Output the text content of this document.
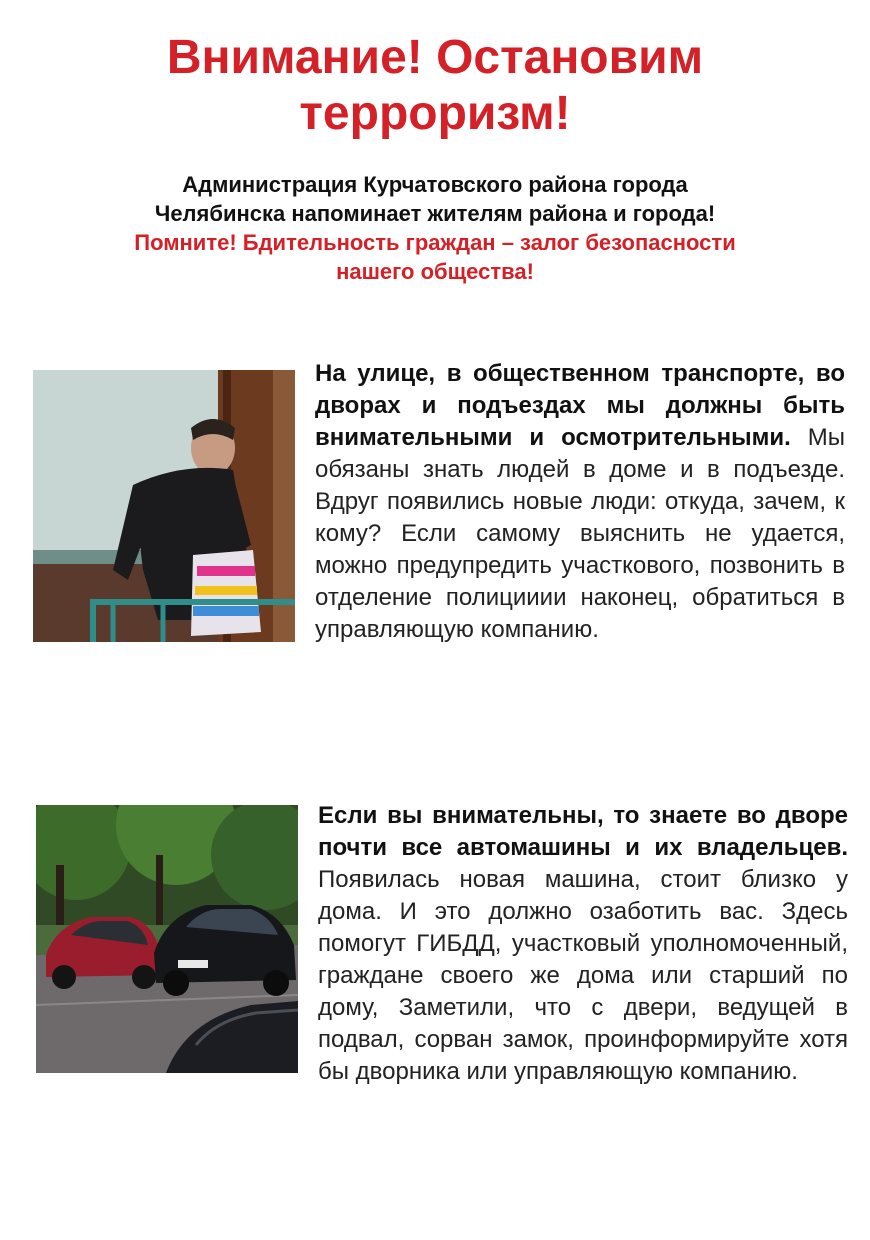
Внимание! Остановим
терроризм!
Администрация Курчатовского района города
Челябинска напоминает жителям района и города!
Помните! Бдительность граждан – залог безопасности
нашего общества!
На улице, в общественном транспорте, во дворах и подъездах мы должны быть внимательными и осмотрительными. Мы обязаны знать людей в доме и в подъезде. Вдруг появились новые люди: откуда, зачем, к кому? Если самому выяснить не удается, можно предупредить участкового, позвонить в отделение полицииии наконец, обратиться в управляющую компанию.
Если вы внимательны, то знаете во дворе почти все автомашины и их владельцев. Появилась новая машина, стоит близко у дома. И это должно озаботить вас. Здесь помогут ГИБДД, участковый уполномоченный, граждане своего же дома или старший по дому, Заметили, что с двери, ведущей в подвал, сорван замок, проинформируйте хотя бы дворника или управляющую компанию.
